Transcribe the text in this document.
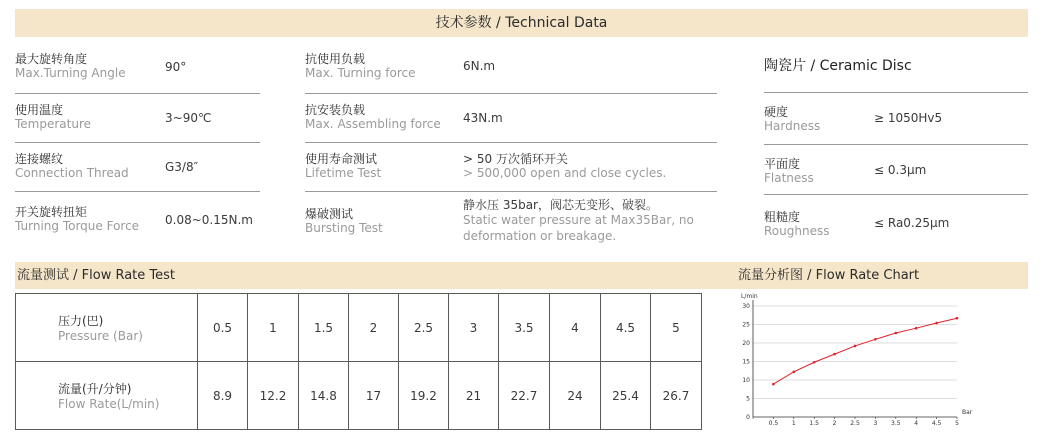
技术参数 / Technical Data
最大旋转角度
Max.Turning Angle	90°
使用温度
Temperature	3~90℃
连接螺纹
Connection Thread	G3/8″
开关旋转扭矩
Turning Torque Force 0.08~0.15N.m
抗使用负载
Max. Turning force	6N.m
抗安装负载
Max. Assembling force 43N.m
使用寿命测试
Lifetime Test
> 50 万次循环开关
> 500,000 open and close cycles.
爆破测试
Bursting Test
静水压 35bar，阀芯无变形、破裂。
Static water pressure at Max35Bar, no
deformation or breakage.
陶瓷片 / Ceramic Disc
硬度
Hardness
≥ 1050Hv5
平面度
Flatness
≤ 0.3μm
粗糙度
Roughness
≤ Ra0.25μm
流量测试 / Flow Rate Test	流量分析图 / Flow Rate Chart
压力(巴)
Pressure (Bar)	0.5	1	1.5	2	2.5	3	3.5	4	4.5	5

流量(升/分钟)
Flow Rate(L/min)	8.9	12.2	14.8	17	19.2	21	22.7	24	25.4	26.7
0
5
10
15
20
25
30
0.5 1 1.5 2 2.5 3 3.5 4 4.5 5
L/min
Bar
